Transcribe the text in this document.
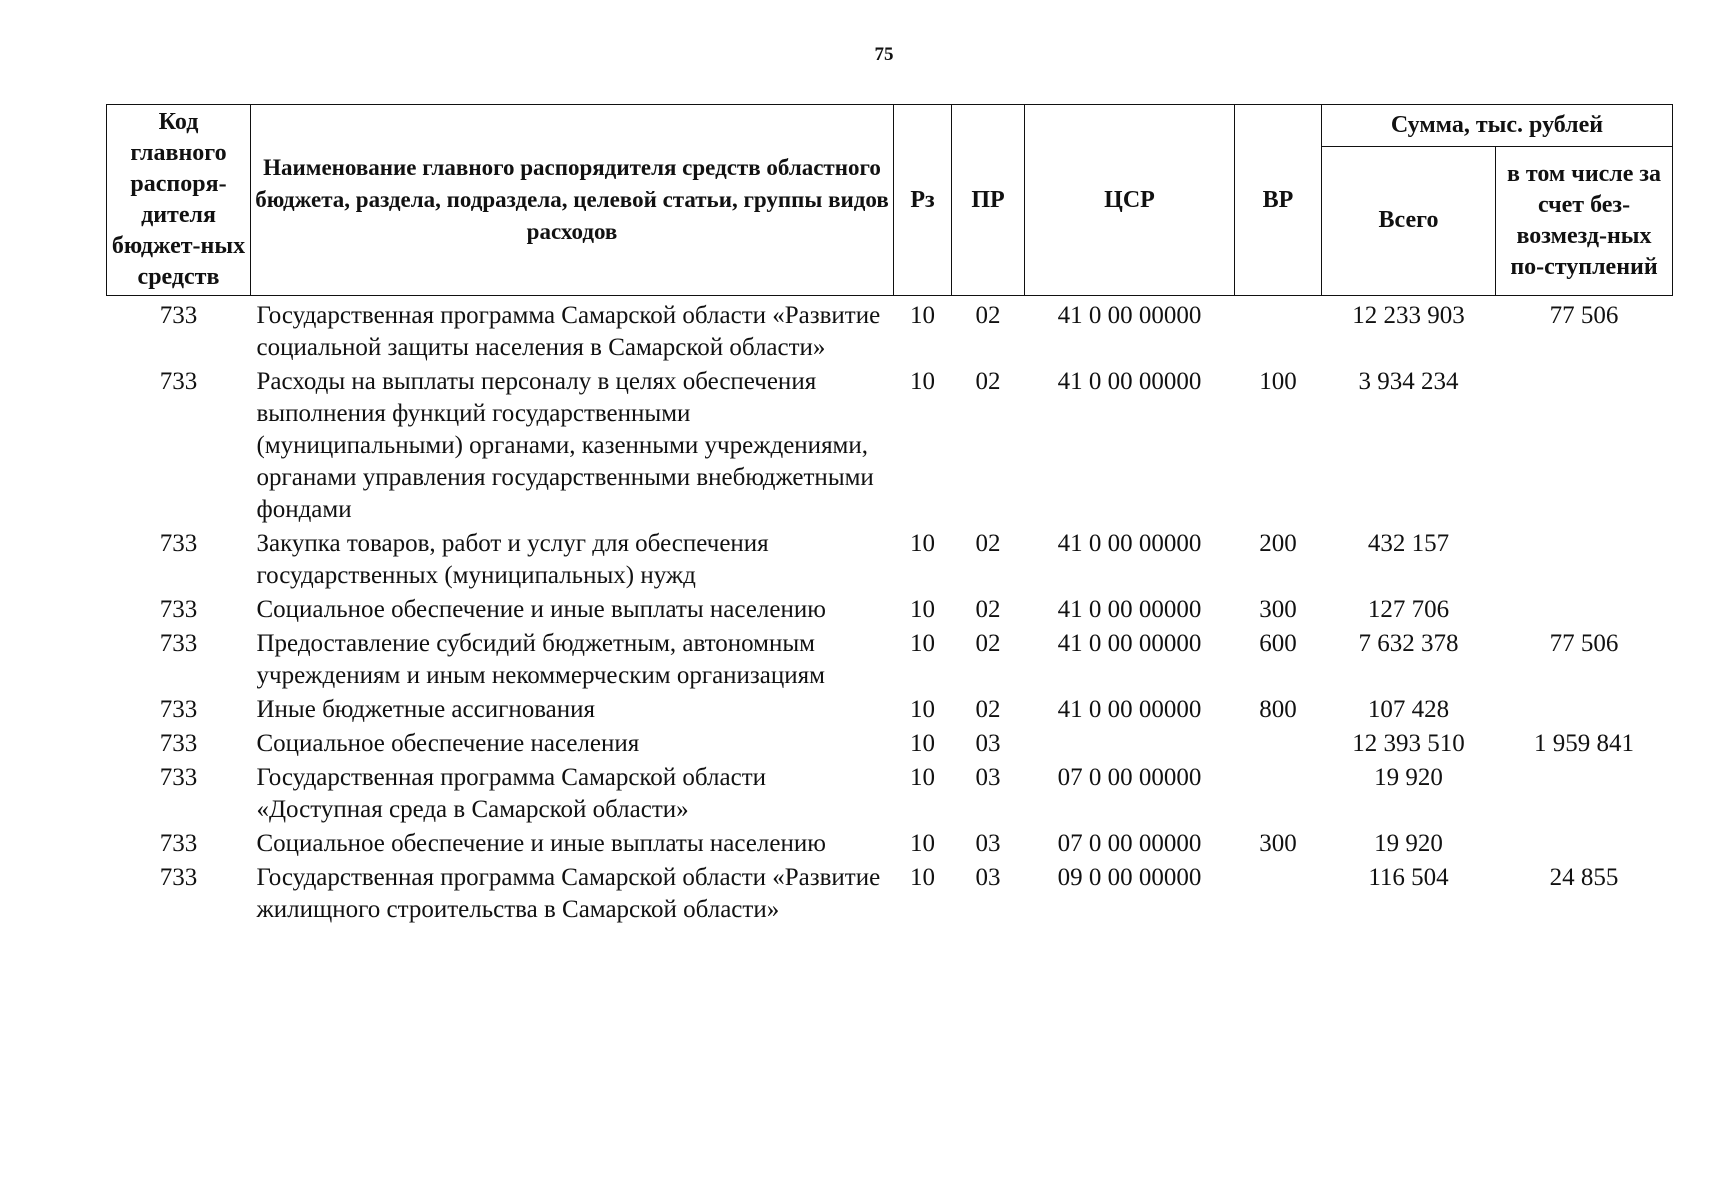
75
Код главного распоря-дителя бюджет-ных средств	Наименование главного распорядителя средств областного бюджета, раздела, подраздела, целевой статьи, группы видов расходов	Рз	ПР	ЦСР	ВР	Сумма, тыс. рублей	
						Всего	в том числе за счет без-возмезд-ных по-ступлений
733	Государственная программа Самарской области «Развитие социальной защиты населения в Самарской области»	10	02	41 0 00 00000		12 233 903	77 506
733	Расходы на выплаты персоналу в целях обеспечения выполнения функций государственными (муниципальными) органами, казенными учреждениями, органами управления государственными внебюджетными фондами	10	02	41 0 00 00000	100	3 934 234	
733	Закупка товаров, работ и услуг для обеспечения государственных (муниципальных) нужд	10	02	41 0 00 00000	200	432 157	
733	Социальное обеспечение и иные выплаты населению	10	02	41 0 00 00000	300	127 706	
733	Предоставление субсидий бюджетным, автономным учреждениям и иным некоммерческим организациям	10	02	41 0 00 00000	600	7 632 378	77 506
733	Иные бюджетные ассигнования	10	02	41 0 00 00000	800	107 428	
733	Социальное обеспечение населения	10	03			12 393 510	1 959 841
733	Государственная программа Самарской области «Доступная среда в Самарской области»	10	03	07 0 00 00000		19 920	
733	Социальное обеспечение и иные выплаты населению	10	03	07 0 00 00000	300	19 920	
733	Государственная программа Самарской области «Развитие жилищного строительства в Самарской области»	10	03	09 0 00 00000		116 504	24 855
